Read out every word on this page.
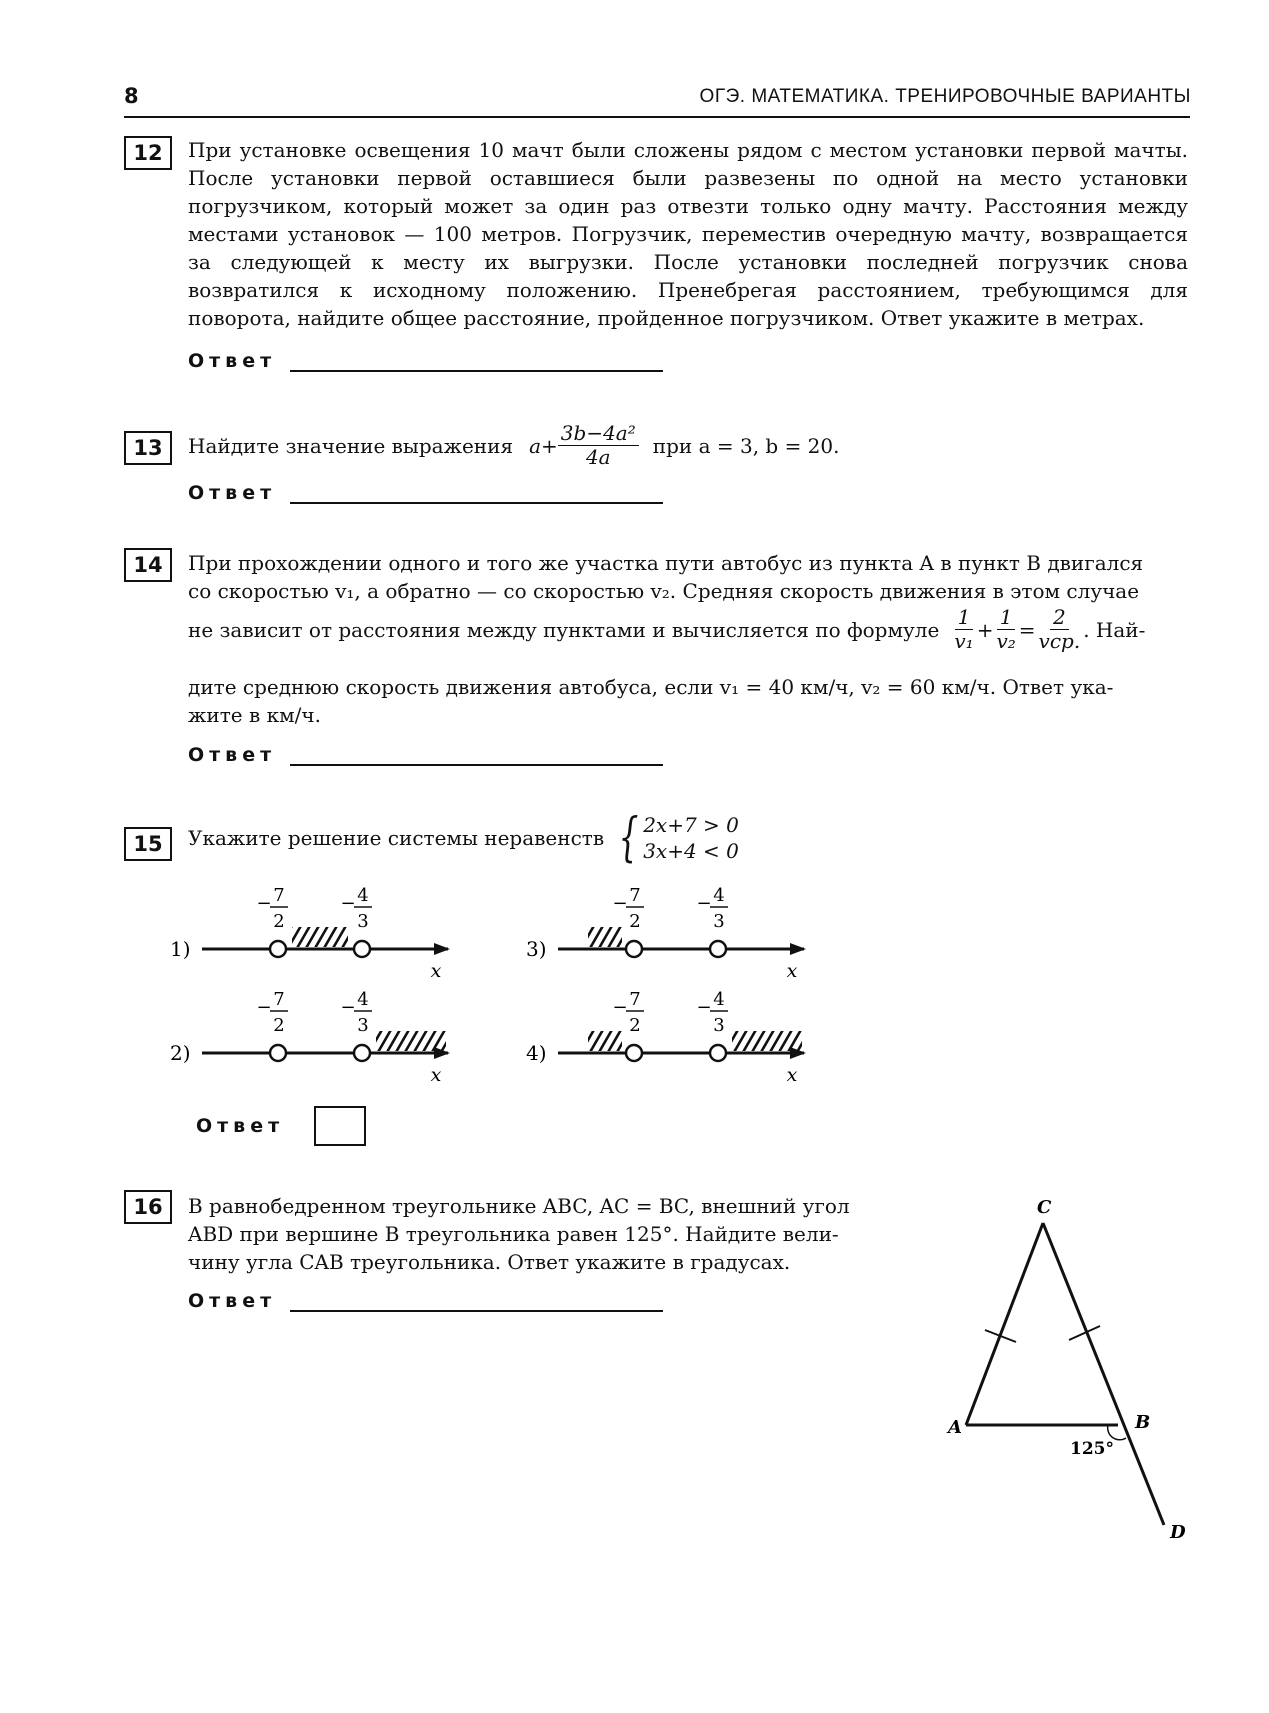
8	ОГЭ. МАТЕМАТИКА. ТРЕНИРОВОЧНЫЕ ВАРИАНТЫ
12	При установке освещения 10 мачт были сложены рядом с местом установки первой мачты. После установки первой оставшиеся были развезены по одной на место установки погрузчиком, который может за один раз отвезти только одну мачту. Расстояния между местами установок — 100 метров. Погрузчик, переместив очередную мачту, возвращается за следующей к месту их выгрузки. После установки последней погрузчик снова возвратился к исходному положению. Пренебрегая расстоянием, требующимся для поворота, найдите общее расстояние, пройденное погрузчиком. Ответ укажите в метрах.
Ответ
13	Найдите значение выражения $a + \frac{\text{3b−4a²}}{4a}$ при a = 3, b = 20.
Ответ
14	При прохождении одного и того же участка пути автобус из пункта A в пункт B двигался
со скоростью v₁, а обратно — со скоростью v₂. Средняя скорость движения в этом случае
не зависит от расстояния между пунктами и вычисляется по формуле $\frac{1}{\text{v₁}} + \frac{1}{\text{v₂}} = \frac{2}{\text{vср.}}$ . Най-
дите среднюю скорость движения автобуса, если v₁ = 40 км/ч, v₂ = 60 км/ч. Ответ ука-
жите в км/ч.
Ответ
15	Укажите решение системы неравенств { 2x+7 > 0
3x+4 < 0
1)
− 7
2
− 4
3
x
2)
− 7
2
− 4
3
x
3)
− 7
2
− 4
3
x
4)
− 7
2
− 4
3
x
Ответ
16	В равнобедренном треугольнике ABC, AC = BC, внешний угол
ABD при вершине B треугольника равен 125°. Найдите вели-
чину угла CAB треугольника. Ответ укажите в градусах.
Ответ
C
A	B
D
125°
